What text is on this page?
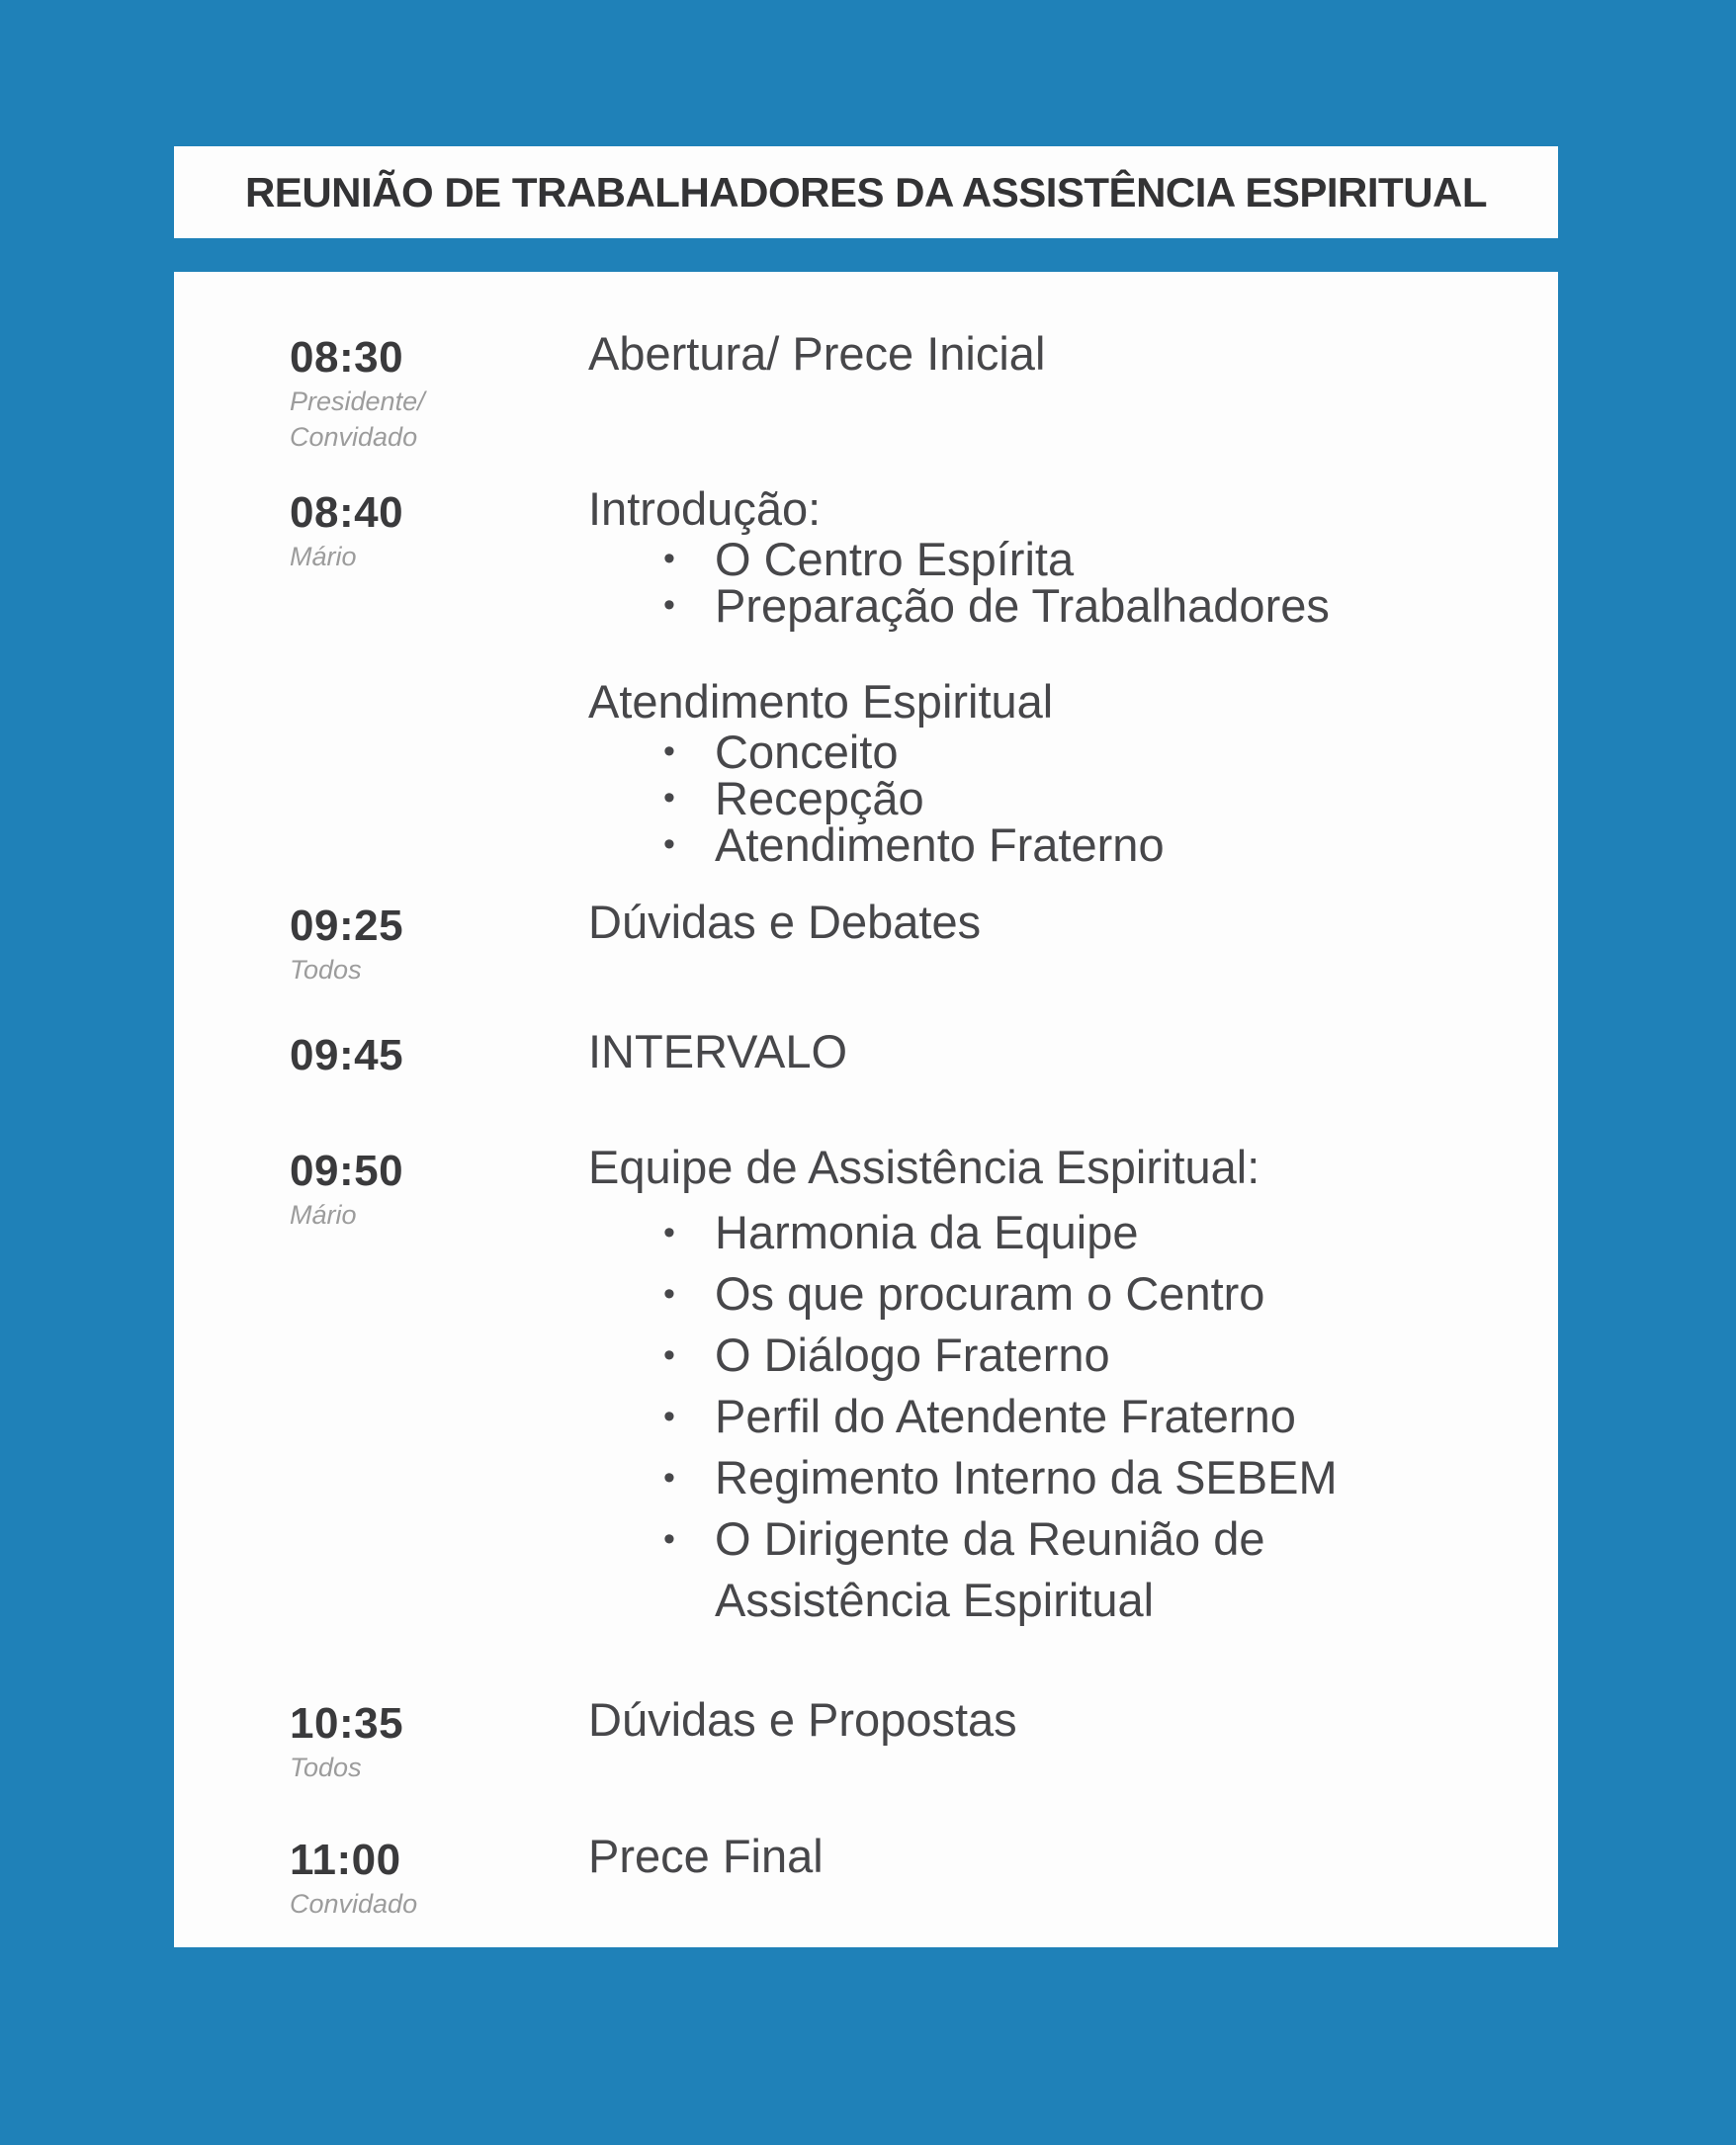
REUNIÃO DE TRABALHADORES DA ASSISTÊNCIA ESPIRITUAL
08:30
Presidente/
Convidado
Abertura/ Prece Inicial
08:40
Mário
Introdução:
• O Centro Espírita
• Preparação de Trabalhadores
Atendimento Espiritual
• Conceito
• Recepção
• Atendimento Fraterno
09:25
Todos
Dúvidas e Debates
09:45	INTERVALO
09:50
Mário
Equipe de Assistência Espiritual:
• Harmonia da Equipe
• Os que procuram o Centro
• O Diálogo Fraterno
• Perfil do Atendente Fraterno
• Regimento Interno da SEBEM
• O Dirigente da Reunião de Assistência Espiritual
10:35
Todos
Dúvidas e Propostas
11:00
Convidado
Prece Final
